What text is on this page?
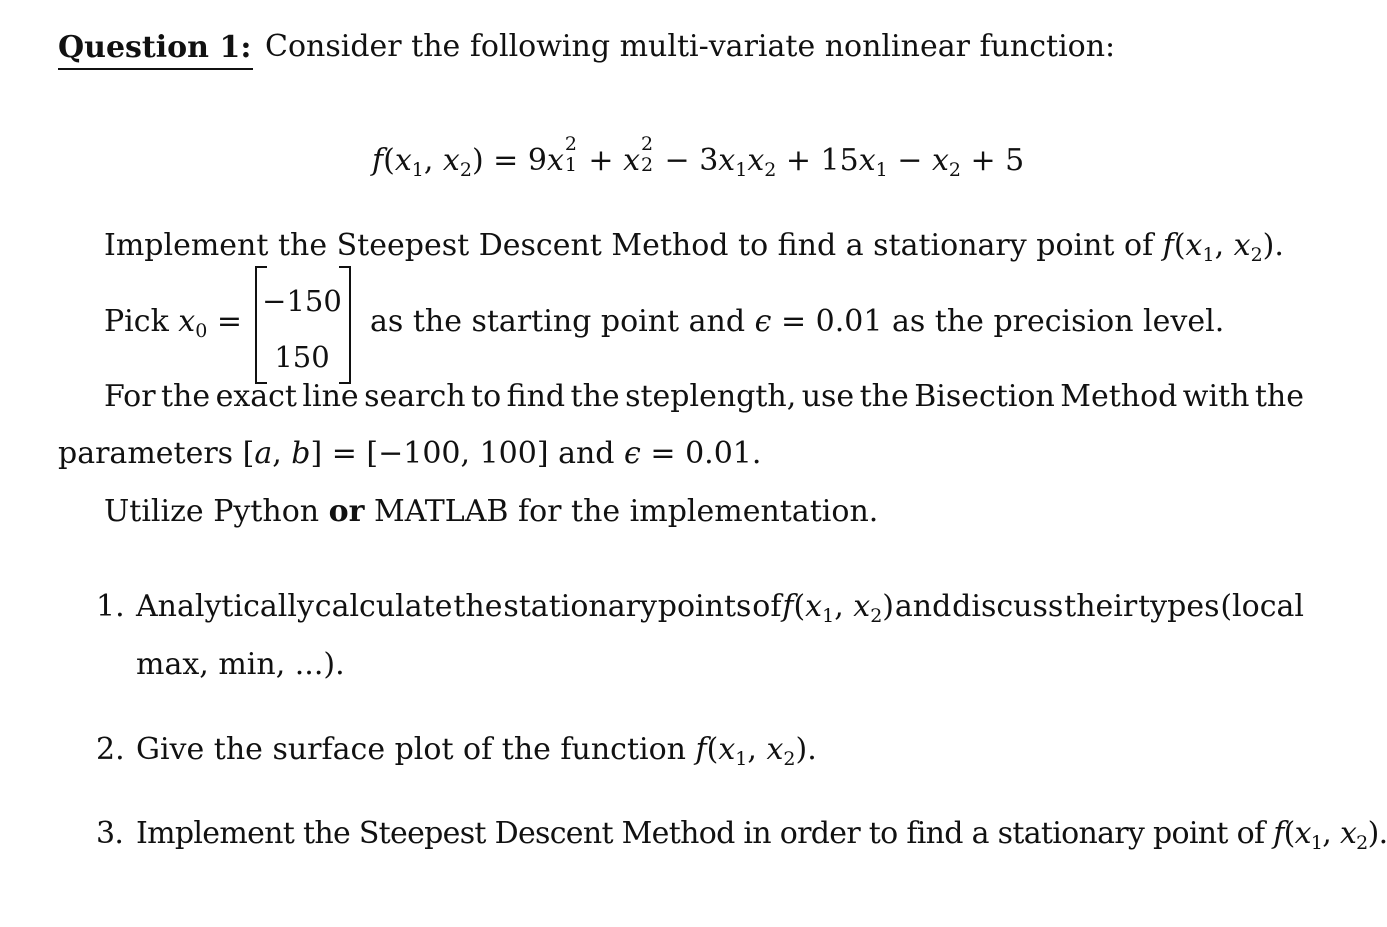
Question 1: Consider the following multi-variate nonlinear function:
$f(x_1$, $x_2) = 9x$ 2
1 + x 2
$2 - 3x_1x_2 + 15x_1 - x_2 + 5$
Implement the Steepest Descent Method to find a stationary point of $f(x_1$, $x_2$).
Pick $x_0$ =
−150
150
as the starting point and ϵ = 0.01 as the precision level.
For the exact line search to find the steplength, use the Bisection Method with the
parameters [a, b] = [−100, 100] and ϵ = 0.01.
Utilize Python or MATLAB for the implementation.
1. Analytically calculate the stationary points of $f(x_1$, $x_2$) and discuss their types (local
max, min, ...).
2. Give the surface plot of the function $f(x_1$, $x_2$).
3. Implement the Steepest Descent Method in order to find a stationary point of $f(x_1$, $x_2$).
